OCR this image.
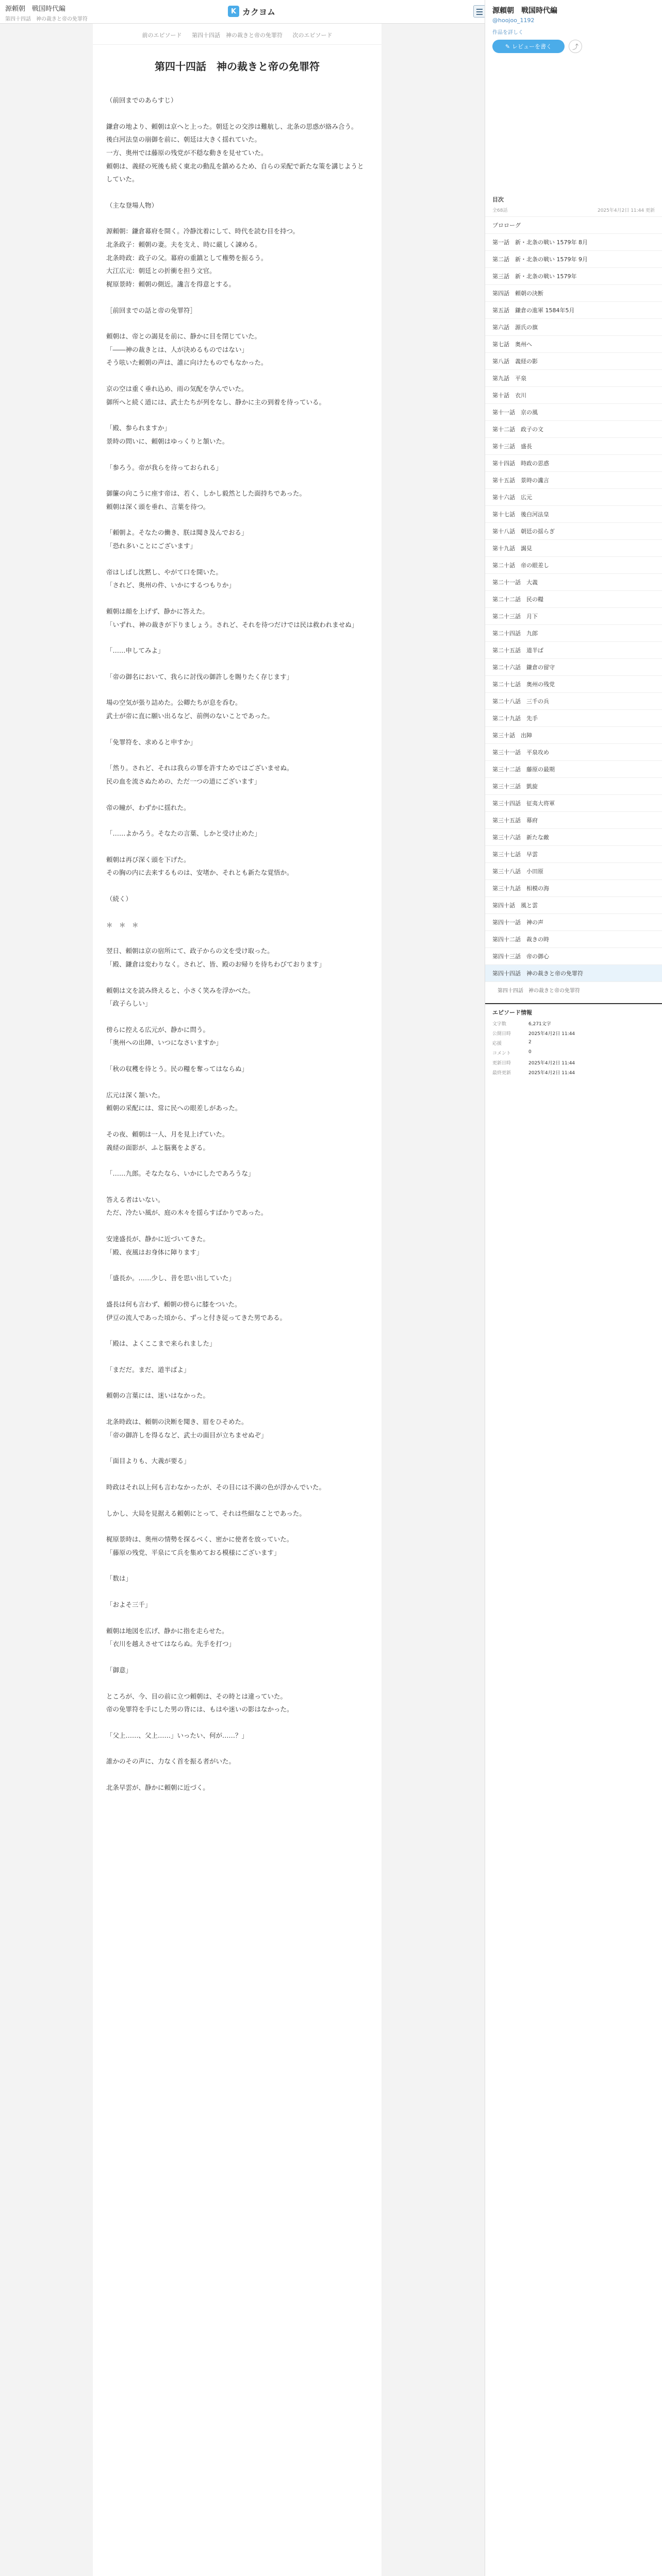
源頼朝　戦国時代編
第四十四話　神の裁きと帝の免罪符
K カクヨム
前のエピソード 第四十四話　神の裁きと帝の免罪符 次のエピソード
第四十四話　神の裁きと帝の免罪符

（前回までのあらすじ）

鎌倉の地より、頼朝は京へと上った。朝廷との交渉は難航し、北条の思惑が絡み合う。

後白河法皇の崩御を前に、朝廷は大きく揺れていた。

一方、奥州では藤原の残党が不穏な動きを見せていた。

頼朝は、義経の死後も続く東北の動乱を鎮めるため、自らの采配で新たな策を講じようとしていた。

（主な登場人物）

源頼朝：鎌倉幕府を開く。冷静沈着にして、時代を読む目を持つ。

北条政子：頼朝の妻。夫を支え、時に厳しく諫める。

北条時政：政子の父。幕府の重鎮として権勢を振るう。

大江広元：朝廷との折衝を担う文官。

梶原景時：頼朝の側近。讒言を得意とする。

［前回までの話と帝の免罪符］

頼朝は、帝との謁見を前に、静かに目を閉じていた。

「――神の裁きとは、人が決めるものではない」

そう呟いた頼朝の声は、誰に向けたものでもなかった。

京の空は重く垂れ込め、雨の気配を孕んでいた。

御所へと続く道には、武士たちが列をなし、静かに主の到着を待っている。

「殿、参られますか」

景時の問いに、頼朝はゆっくりと頷いた。

「参ろう。帝が我らを待っておられる」

御簾の向こうに座す帝は、若く、しかし毅然とした面持ちであった。

頼朝は深く頭を垂れ、言葉を待つ。

「頼朝よ。そなたの働き、朕は聞き及んでおる」

「恐れ多いことにございます」

帝はしばし沈黙し、やがて口を開いた。

「されど、奥州の件、いかにするつもりか」

頼朝は顔を上げず、静かに答えた。

「いずれ、神の裁きが下りましょう。されど、それを待つだけでは民は救われませぬ」

「……申してみよ」

「帝の御名において、我らに討伐の御許しを賜りたく存じます」

場の空気が張り詰めた。公卿たちが息を呑む。

武士が帝に直に願い出るなど、前例のないことであった。

「免罪符を、求めると申すか」

「然り。されど、それは我らの罪を許すためではございませぬ。

民の血を流さぬための、ただ一つの道にございます」

帝の瞳が、わずかに揺れた。

「……よかろう。そなたの言葉、しかと受け止めた」

頼朝は再び深く頭を下げた。

その胸の内に去来するものは、安堵か、それとも新たな覚悟か。

（続く）

＊　＊　＊

翌日、頼朝は京の宿所にて、政子からの文を受け取った。

「殿、鎌倉は変わりなく。されど、皆、殿のお帰りを待ちわびております」

頼朝は文を読み終えると、小さく笑みを浮かべた。

「政子らしい」

傍らに控える広元が、静かに問う。

「奥州への出陣、いつになさいますか」

「秋の収穫を待とう。民の糧を奪ってはならぬ」

広元は深く頷いた。

頼朝の采配には、常に民への眼差しがあった。

その夜、頼朝は一人、月を見上げていた。

義経の面影が、ふと脳裏をよぎる。

「……九郎。そなたなら、いかにしたであろうな」

答える者はいない。

ただ、冷たい風が、庭の木々を揺らすばかりであった。

安達盛長が、静かに近づいてきた。

「殿、夜風はお身体に障ります」

「盛長か。……少し、昔を思い出していた」

盛長は何も言わず、頼朝の傍らに膝をついた。

伊豆の流人であった頃から、ずっと付き従ってきた男である。

「殿は、よくここまで来られました」

「まだだ。まだ、道半ばよ」

頼朝の言葉には、迷いはなかった。

北条時政は、頼朝の決断を聞き、眉をひそめた。

「帝の御許しを得るなど、武士の面目が立ちませぬぞ」

「面目よりも、大義が要る」

時政はそれ以上何も言わなかったが、その目には不満の色が浮かんでいた。

しかし、大局を見据える頼朝にとって、それは些細なことであった。

梶原景時は、奥州の情勢を探るべく、密かに使者を放っていた。

「藤原の残党、平泉にて兵を集めておる模様にございます」

「数は」

「およそ三千」

頼朝は地図を広げ、静かに指を走らせた。

「衣川を越えさせてはならぬ。先手を打つ」

「御意」

ところが、今、目の前に立つ頼朝は、その時とは違っていた。

帝の免罪符を手にした男の背には、もはや迷いの影はなかった。

「父上……、父上……」いったい、何が……？」

誰かのその声に、力なく首を振る者がいた。

北条早雲が、静かに頼朝に近づく。

源頼朝　戦国時代編
@hoojoo_1192
作品を詳しく
✎ レビューを書く	⤴
目次
全68話	2025年4月2日 11:44 更新
プロローグ
第一話　新・北条の戦い 1579年 8月
第二話　新・北条の戦い 1579年 9月
第三話　新・北条の戦い 1579年
第四話　頼朝の決断
第五話　鎌倉の進軍 1584年5月
第六話　源氏の旗
第七話　奥州へ
第八話　義経の影
第九話　平泉
第十話　衣川
第十一話　京の風
第十二話　政子の文
第十三話　盛長
第十四話　時政の思惑
第十五話　景時の讒言
第十六話　広元
第十七話　後白河法皇
第十八話　朝廷の揺らぎ
第十九話　謁見
第二十話　帝の眼差し
第二十一話　大義
第二十二話　民の糧
第二十三話　月下
第二十四話　九郎
第二十五話　道半ば
第二十六話　鎌倉の留守
第二十七話　奥州の残党
第二十八話　三千の兵
第二十九話　先手
第三十話　出陣
第三十一話　平泉攻め
第三十二話　藤原の最期
第三十三話　凱旋
第三十四話　征夷大将軍
第三十五話　幕府
第三十六話　新たな敵
第三十七話　早雲
第三十八話　小田原
第三十九話　相模の海
第四十話　風と雲
第四十一話　神の声
第四十二話　裁きの時
第四十三話　帝の御心
第四十四話　神の裁きと帝の免罪符
第四十四話　神の裁きと帝の免罪符
エピソード情報
文字数	6,271文字
公開日時	2025年4月2日 11:44
応援	2
コメント	0
更新日時	2025年4月2日 11:44
最終更新	2025年4月2日 11:44
